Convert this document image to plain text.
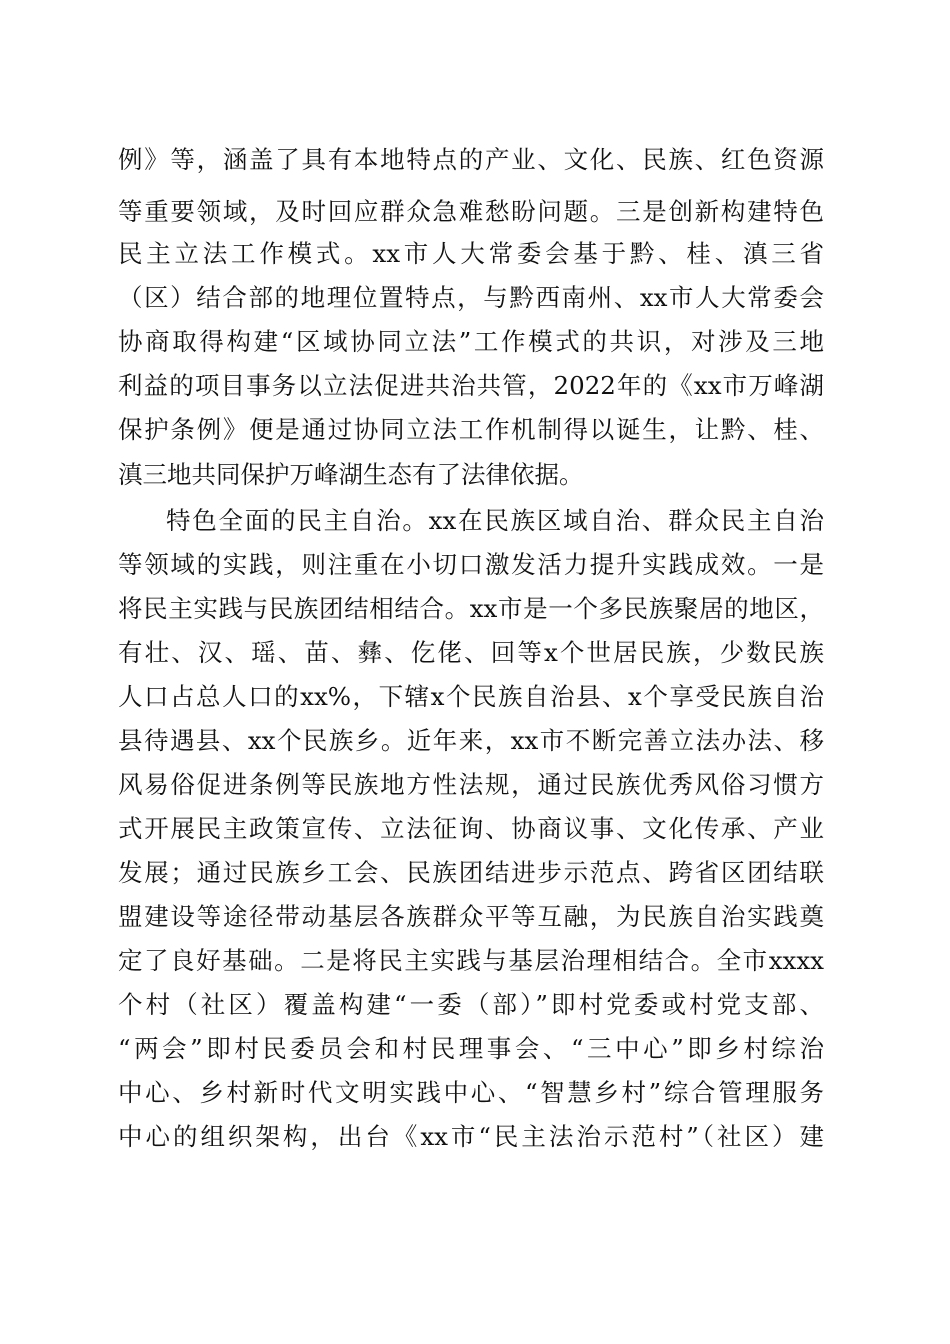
例》等，涵盖了具有本地特点的产业、文化、民族、红色资源
等重要领域，及时回应群众急难愁盼问题。三是创新构建特色
民主立法工作模式。xx市人大常委会基于黔、桂、滇三省
（区）结合部的地理位置特点，与黔西南州、xx市人大常委会
协商取得构建“区域协同立法”工作模式的共识，对涉及三地
利益的项目事务以立法促进共治共管，2022年的《xx市万峰湖
保护条例》便是通过协同立法工作机制得以诞生，让黔、桂、
滇三地共同保护万峰湖生态有了法律依据。
特色全面的民主自治。xx在民族区域自治、群众民主自治
等领域的实践，则注重在小切口激发活力提升实践成效。一是
将民主实践与民族团结相结合。xx市是一个多民族聚居的地区，
有壮、汉、瑶、苗、彝、仡佬、回等x个世居民族，少数民族
人口占总人口的xx%，下辖x个民族自治县、x个享受民族自治
县待遇县、xx个民族乡。近年来，xx市不断完善立法办法、移
风易俗促进条例等民族地方性法规，通过民族优秀风俗习惯方
式开展民主政策宣传、立法征询、协商议事、文化传承、产业
发展；通过民族乡工会、民族团结进步示范点、跨省区团结联
盟建设等途径带动基层各族群众平等互融，为民族自治实践奠
定了良好基础。二是将民主实践与基层治理相结合。全市xxxx
个村（社区）覆盖构建“一委（部）”即村党委或村党支部、
“两会”即村民委员会和村民理事会、“三中心”即乡村综治
中心、乡村新时代文明实践中心、“智慧乡村”综合管理服务
中心的组织架构，出台《xx市“民主法治示范村”（社区）建
